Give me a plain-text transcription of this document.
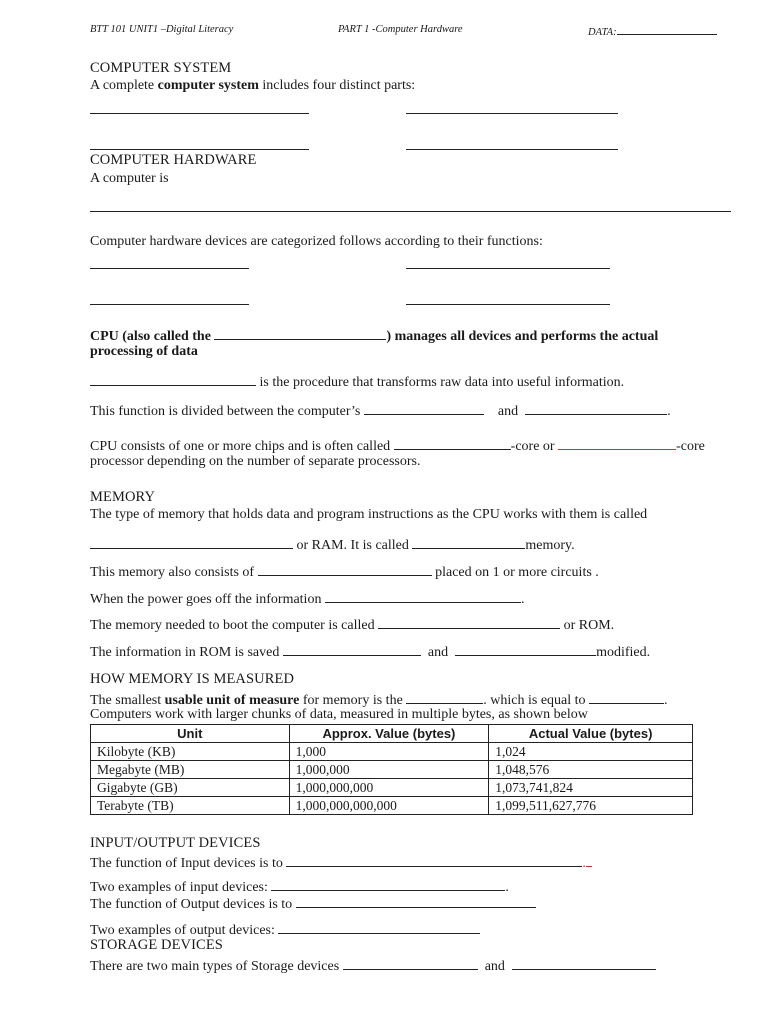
BTT 101 UNIT1 –Digital Literacy	PART 1 -Computer Hardware	DATA:
COMPUTER SYSTEM
A complete computer system includes four distinct parts:
COMPUTER HARDWARE
A computer is
Computer hardware devices are categorized follows according to their functions:
CPU (also called the	) manages all devices and performs the actual
processing of data
is the procedure that transforms raw data into useful information.
This function is divided between the computer’s	and	.
CPU consists of one or more chips and is often called	-core or	-core
processor depending on the number of separate processors.
MEMORY
The type of memory that holds data and program instructions as the CPU works with them is called
or RAM. It is called	memory.
This memory also consists of	placed on 1 or more circuits .
When the power goes off the information	.
The memory needed to boot the computer is called	or ROM.
The information in ROM is saved	and	modified.
HOW MEMORY IS MEASURED
The smallest usable unit of measure for memory is the	. which is equal to	.
Computers work with larger chunks of data, measured in multiple bytes, as shown below
Unit	Approx. Value (bytes)	Actual Value (bytes)
Kilobyte (KB)	1,000	1,024
Megabyte (MB)	1,000,000	1,048,576
Gigabyte (GB)	1,000,000,000	1,073,741,824
Terabyte (TB)	1,000,000,000,000	1,099,511,627,776
INPUT/OUTPUT DEVICES
The function of Input devices is to	.
Two examples of input devices:	.
The function of Output devices is to
Two examples of output devices:
STORAGE DEVICES
There are two main types of Storage devices	and
